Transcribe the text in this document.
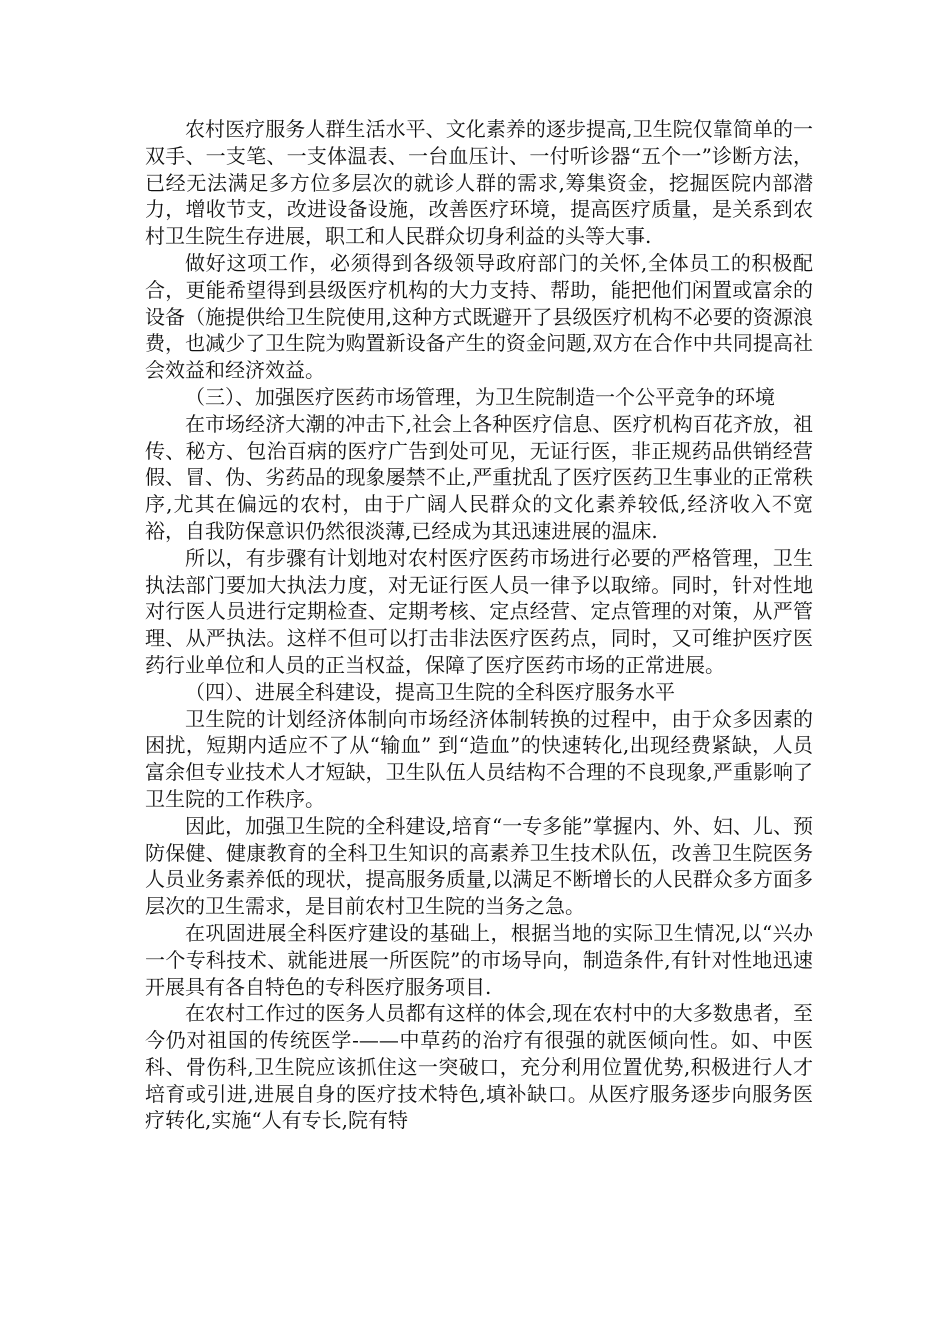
农村医疗服务人群生活水平、文化素养的逐步提高,卫生院仅靠简单的一双手、一支笔、一支体温表、一台血压计、一付听诊器“五个一”诊断方法，已经无法满足多方位多层次的就诊人群的需求,筹集资金，挖掘医院内部潜力，增收节支，改进设备设施，改善医疗环境，提高医疗质量，是关系到农村卫生院生存进展，职工和人民群众切身利益的头等大事.

做好这项工作，必须得到各级领导政府部门的关怀,全体员工的积极配合，更能希望得到县级医疗机构的大力支持、帮助，能把他们闲置或富余的设备（施提供给卫生院使用,这种方式既避开了县级医疗机构不必要的资源浪费，也减少了卫生院为购置新设备产生的资金问题,双方在合作中共同提高社会效益和经济效益。

（三）、加强医疗医药市场管理，为卫生院制造一个公平竞争的环境

在市场经济大潮的冲击下,社会上各种医疗信息、医疗机构百花齐放，祖传、秘方、包治百病的医疗广告到处可见，无证行医，非正规药品供销经营假、冒、伪、劣药品的现象屡禁不止,严重扰乱了医疗医药卫生事业的正常秩序,尤其在偏远的农村，由于广阔人民群众的文化素养较低,经济收入不宽裕，自我防保意识仍然很淡薄,已经成为其迅速进展的温床.

所以，有步骤有计划地对农村医疗医药市场进行必要的严格管理，卫生执法部门要加大执法力度，对无证行医人员一律予以取缔。同时，针对性地对行医人员进行定期检查、定期考核、定点经营、定点管理的对策，从严管理、从严执法。这样不但可以打击非法医疗医药点，同时，又可维护医疗医药行业单位和人员的正当权益，保障了医疗医药市场的正常进展。

（四）、进展全科建设，提高卫生院的全科医疗服务水平

卫生院的计划经济体制向市场经济体制转换的过程中，由于众多因素的困扰，短期内适应不了从“输血” 到“造血”的快速转化,出现经费紧缺，人员富余但专业技术人才短缺，卫生队伍人员结构不合理的不良现象,严重影响了卫生院的工作秩序。

因此，加强卫生院的全科建设,培育“一专多能”掌握内、外、妇、儿、预防保健、健康教育的全科卫生知识的高素养卫生技术队伍，改善卫生院医务人员业务素养低的现状，提高服务质量,以满足不断增长的人民群众多方面多层次的卫生需求，是目前农村卫生院的当务之急。

在巩固进展全科医疗建设的基础上，根据当地的实际卫生情况,以“兴办一个专科技术、就能进展一所医院”的市场导向，制造条件,有针对性地迅速开展具有各自特色的专科医疗服务项目.

在农村工作过的医务人员都有这样的体会,现在农村中的大多数患者，至今仍对祖国的传统医学-——中草药的治疗有很强的就医倾向性。如、中医科、骨伤科,卫生院应该抓住这一突破口，充分利用位置优势,积极进行人才培育或引进,进展自身的医疗技术特色,填补缺口。从医疗服务逐步向服务医疗转化,实施“人有专长,院有特
